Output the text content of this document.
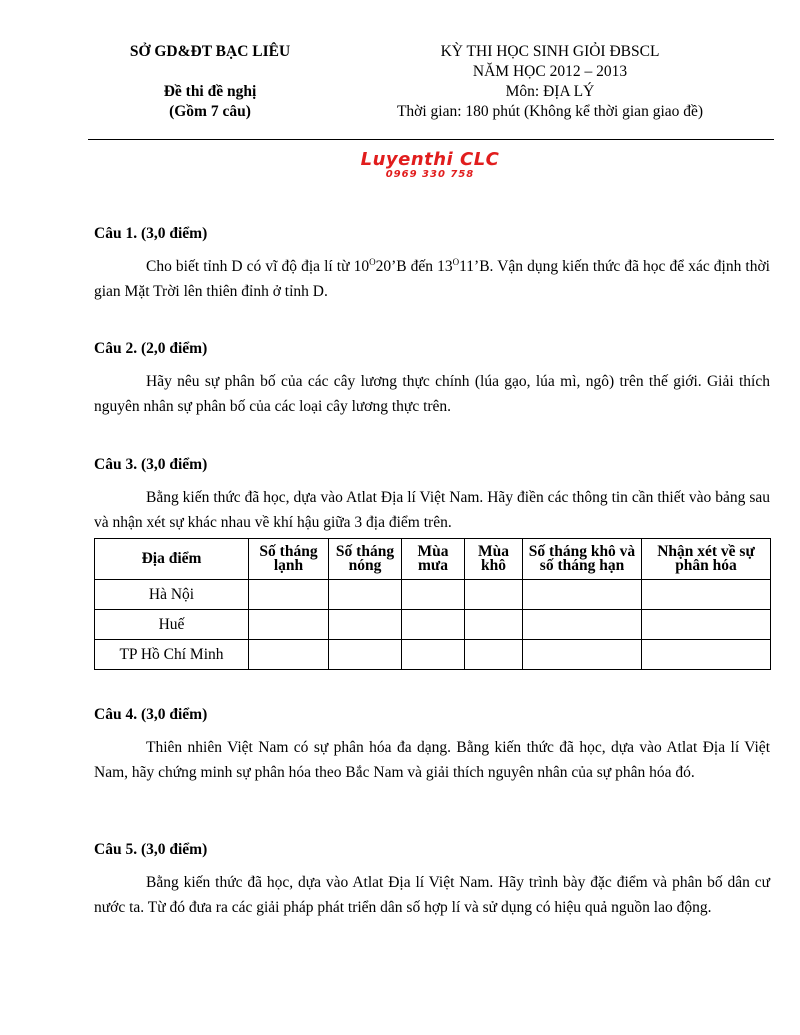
SỞ GD&ĐT BẠC LIÊU
Đề thi đề nghị
(Gồm 7 câu)
KỲ THI HỌC SINH GIỎI ĐBSCL
NĂM HỌC 2012 – 2013
Môn: ĐỊA LÝ
Thời gian: 180 phút (Không kể thời gian giao đề)
Luyenthi CLC
0969 330 758
Câu 1. (3,0 điểm)
Cho biết tỉnh D có vĩ độ địa lí từ $10^O20’B$ đến $13^O11’B$. Vận dụng kiến thức đã học để xác định thời gian Mặt Trời lên thiên đỉnh ở tỉnh D.
Câu 2. (2,0 điểm)
Hãy nêu sự phân bố của các cây lương thực chính (lúa gạo, lúa mì, ngô) trên thế giới. Giải thích nguyên nhân sự phân bố của các loại cây lương thực trên.
Câu 3. (3,0 điểm)
Bằng kiến thức đã học, dựa vào Atlat Địa lí Việt Nam. Hãy điền các thông tin cần thiết vào bảng sau và nhận xét sự khác nhau về khí hậu giữa 3 địa điểm trên.
Địa điểm	Số tháng lạnh	Số tháng nóng	Mùa mưa	Mùa khô	Số tháng khô và số tháng hạn	Nhận xét về sự phân hóa
Hà Nội						
Huế						
TP Hồ Chí Minh						
Câu 4. (3,0 điểm)
Thiên nhiên Việt Nam có sự phân hóa đa dạng. Bằng kiến thức đã học, dựa vào Atlat Địa lí Việt Nam, hãy chứng minh sự phân hóa theo Bắc Nam và giải thích nguyên nhân của sự phân hóa đó.
Câu 5. (3,0 điểm)
Bằng kiến thức đã học, dựa vào Atlat Địa lí Việt Nam. Hãy trình bày đặc điểm và phân bố dân cư nước ta. Từ đó đưa ra các giải pháp phát triển dân số hợp lí và sử dụng có hiệu quả nguồn lao động.
